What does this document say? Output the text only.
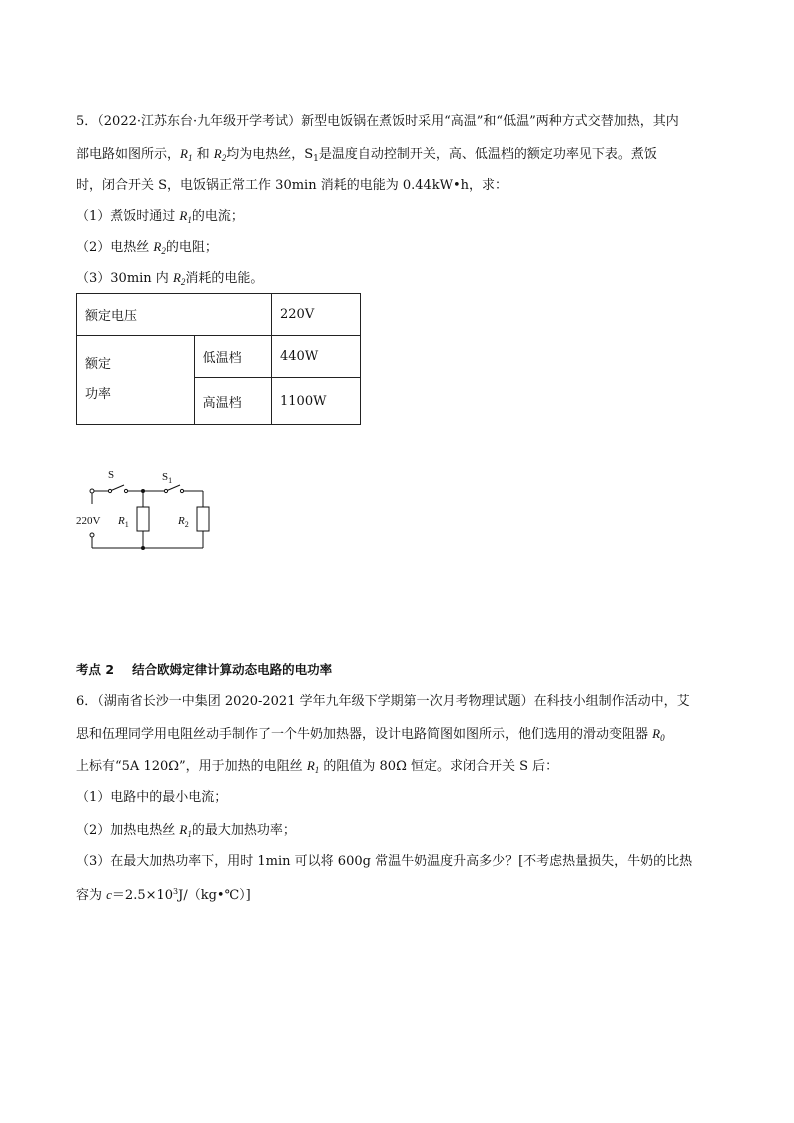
5．（2022·江苏东台·九年级开学考试）新型电饭锅在煮饭时采用“高温”和“低温”两种方式交替加热，其内
部电路如图所示，$R_1$ 和 $R_2$均为电热丝，$S_1$是温度自动控制开关，高、低温档的额定功率见下表。煮饭
时，闭合开关 S，电饭锅正常工作 30min 消耗的电能为 0.44kW•h，求：
（1）煮饭时通过 $R_1$的电流；
（2）电热丝 $R_2$的电阻；
（3）30min 内 $R_2$消耗的电能。
额定电压		220V

额定
功率	低温档	440W
	高温档	1100W
S	$S_1$
220V $R_1$	$R_2$
考点 2 结合欧姆定律计算动态电路的电功率
6．（湖南省长沙一中集团 2020-2021 学年九年级下学期第一次月考物理试题）在科技小组制作活动中，艾
思和伍理同学用电阻丝动手制作了一个牛奶加热器，设计电路简图如图所示，他们选用的滑动变阻器 $R_0$
上标有“5A 120Ω”，用于加热的电阻丝 $R_1$ 的阻值为 80Ω 恒定。求闭合开关 S 后：
（1）电路中的最小电流；
（2）加热电热丝 $R_1$的最大加热功率；
（3）在最大加热功率下，用时 1min 可以将 600g 常温牛奶温度升高多少？[不考虑热量损失，牛奶的比热
容为 $c=2.5\times 10^3J/(kg•℃)$]
